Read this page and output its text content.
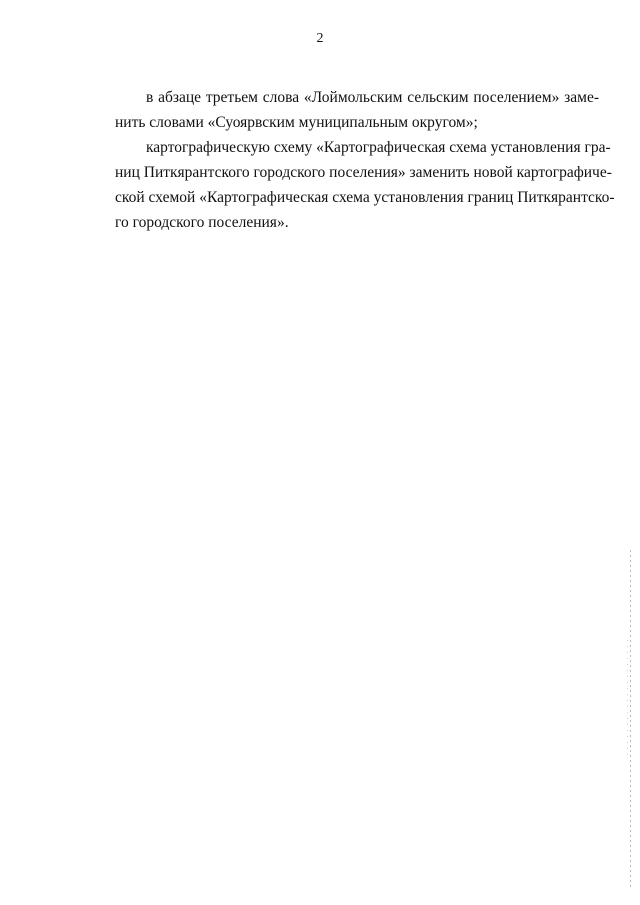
2

в абзаце третьем слова «Лоймольским сельским поселением» заме-
нить словами «Суоярвским муниципальным округом»;

картографическую схему «Картографическая схема установления гра-
ниц Питкярантского городского поселения» заменить новой картографиче-
ской схемой «Картографическая схема установления границ Питкярантско-
го городского поселения».
